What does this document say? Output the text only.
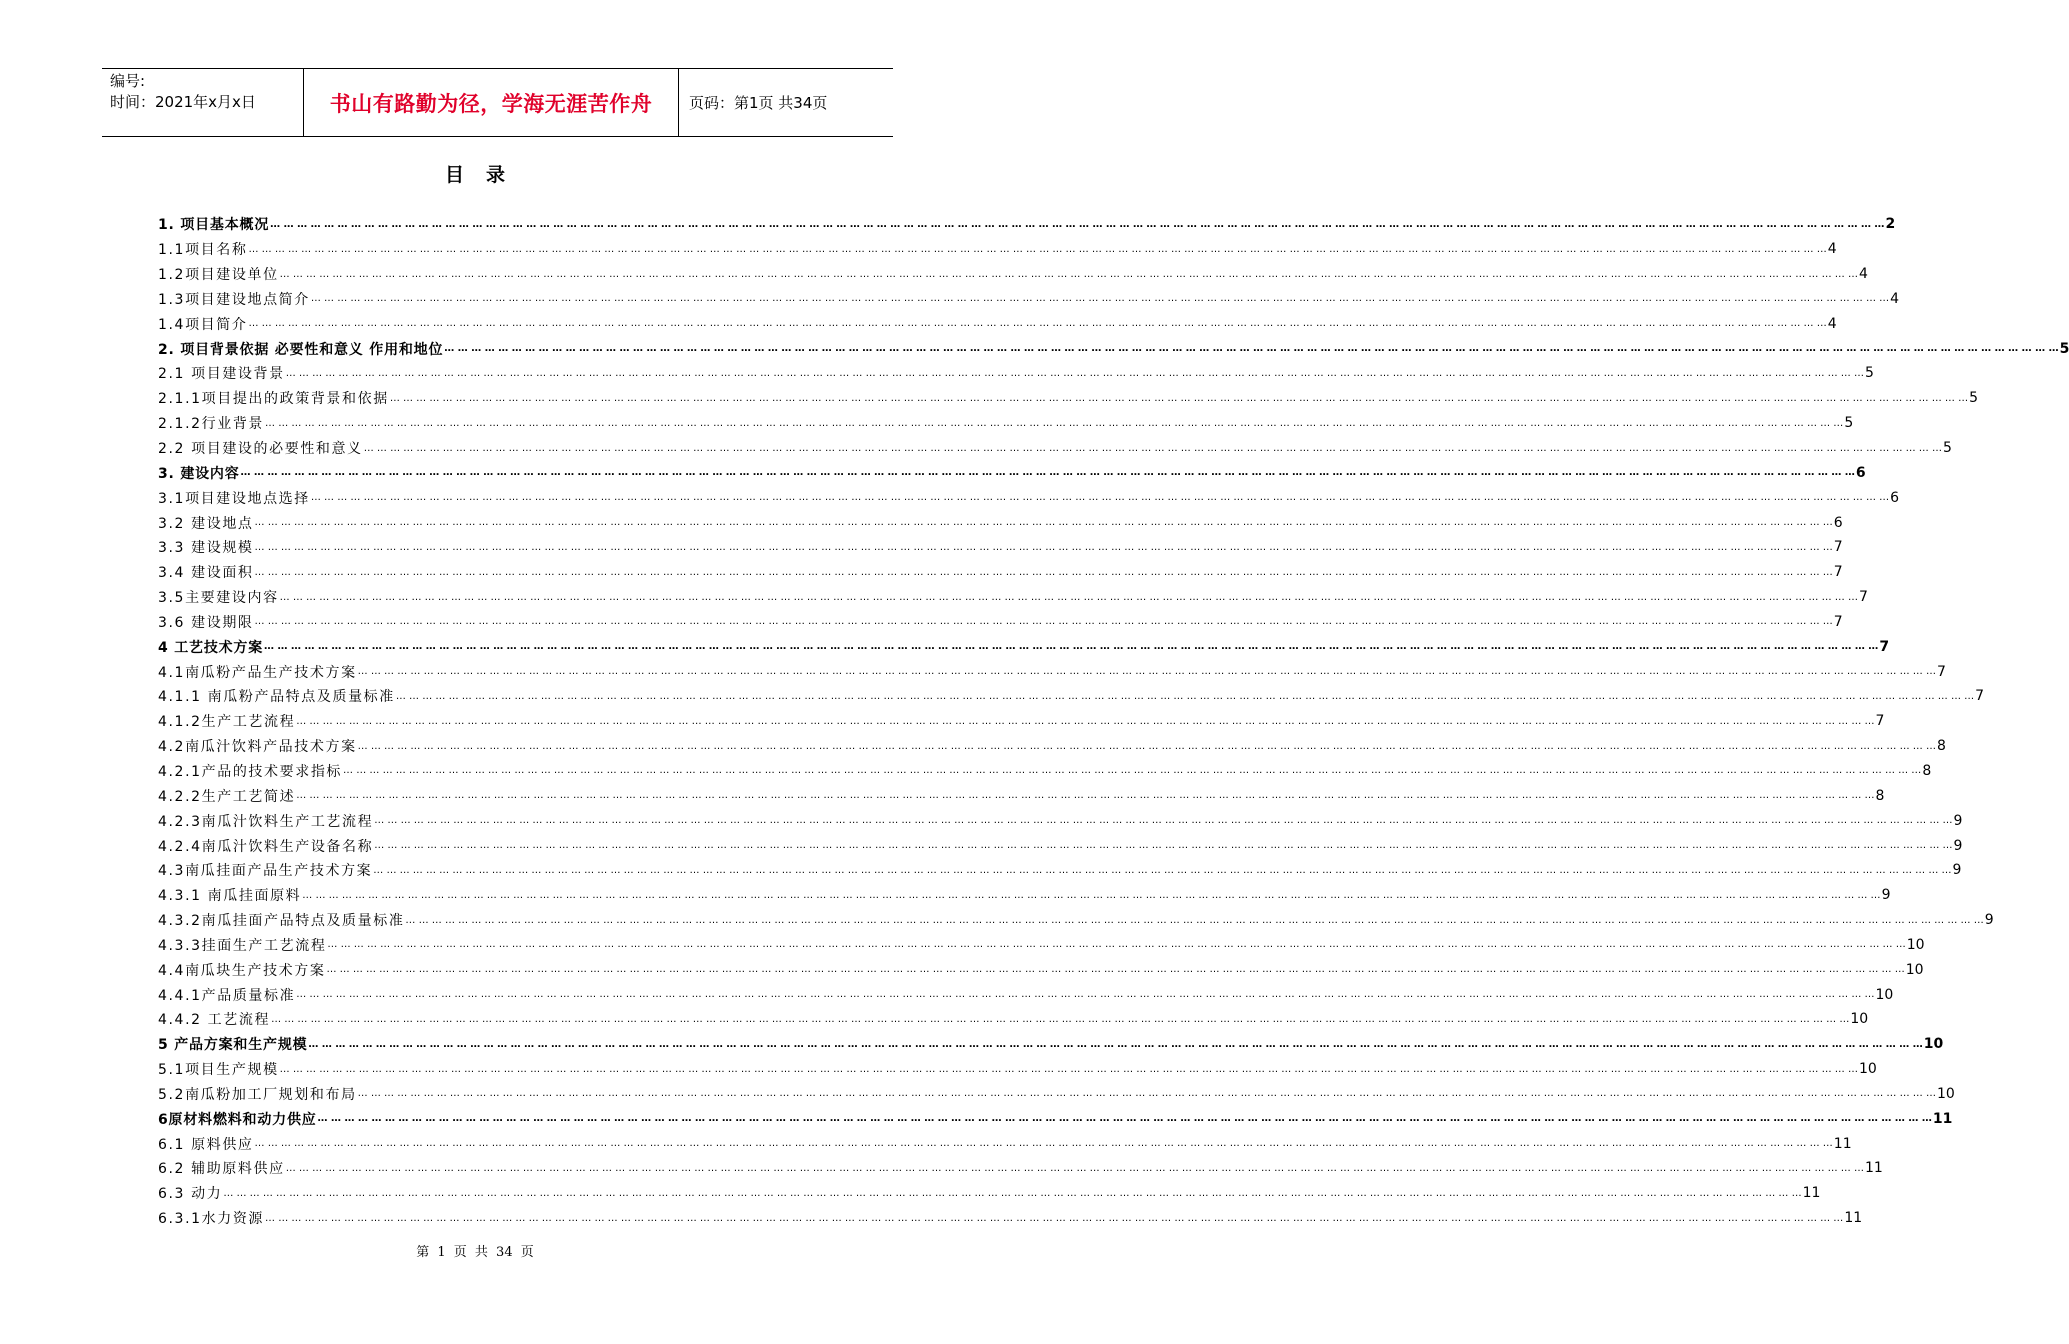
编号:
时间：2021年x月x日	书山有路勤为径，学海无涯苦作舟	页码：第1页 共34页
目录
1. 项目基本概况 … … … … … … … … … … … … … … … … … … … … … … … … … … … … … … … … … … … … … … … … … … … … … … … … … … … … … … … … … … … … … … … … … … … … … … … … … … … … … … … … … … … … … … … … … … … … … … … … … … … … … … … … … … … … … … … … … … … … … … … … 2
1.1项目名称 … … … … … … … … … … … … … … … … … … … … … … … … … … … … … … … … … … … … … … … … … … … … … … … … … … … … … … … … … … … … … … … … … … … … … … … … … … … … … … … … … … … … … … … … … … … … … … … … … … … … … … … … … … … … … … … … … … … … … … … … 4
1.2项目建设单位 … … … … … … … … … … … … … … … … … … … … … … … … … … … … … … … … … … … … … … … … … … … … … … … … … … … … … … … … … … … … … … … … … … … … … … … … … … … … … … … … … … … … … … … … … … … … … … … … … … … … … … … … … … … … … … … … … … … … … … … … 4
1.3项目建设地点简介 … … … … … … … … … … … … … … … … … … … … … … … … … … … … … … … … … … … … … … … … … … … … … … … … … … … … … … … … … … … … … … … … … … … … … … … … … … … … … … … … … … … … … … … … … … … … … … … … … … … … … … … … … … … … … … … … … … … … … … … … 4
1.4项目简介 … … … … … … … … … … … … … … … … … … … … … … … … … … … … … … … … … … … … … … … … … … … … … … … … … … … … … … … … … … … … … … … … … … … … … … … … … … … … … … … … … … … … … … … … … … … … … … … … … … … … … … … … … … … … … … … … … … … … … … … … 4
2. 项目背景依据 必要性和意义 作用和地位 … … … … … … … … … … … … … … … … … … … … … … … … … … … … … … … … … … … … … … … … … … … … … … … … … … … … … … … … … … … … … … … … … … … … … … … … … … … … … … … … … … … … … … … … … … … … … … … … … … … … … … … … … … … … … … … … … … … … … … … … 5
2.1 项目建设背景 … … … … … … … … … … … … … … … … … … … … … … … … … … … … … … … … … … … … … … … … … … … … … … … … … … … … … … … … … … … … … … … … … … … … … … … … … … … … … … … … … … … … … … … … … … … … … … … … … … … … … … … … … … … … … … … … … … … … … … … … 5
2.1.1项目提出的政策背景和依据 … … … … … … … … … … … … … … … … … … … … … … … … … … … … … … … … … … … … … … … … … … … … … … … … … … … … … … … … … … … … … … … … … … … … … … … … … … … … … … … … … … … … … … … … … … … … … … … … … … … … … … … … … … … … … … … … … … … … … … … … 5
2.1.2行业背景 … … … … … … … … … … … … … … … … … … … … … … … … … … … … … … … … … … … … … … … … … … … … … … … … … … … … … … … … … … … … … … … … … … … … … … … … … … … … … … … … … … … … … … … … … … … … … … … … … … … … … … … … … … … … … … … … … … … … … … … … 5
2.2 项目建设的必要性和意义 … … … … … … … … … … … … … … … … … … … … … … … … … … … … … … … … … … … … … … … … … … … … … … … … … … … … … … … … … … … … … … … … … … … … … … … … … … … … … … … … … … … … … … … … … … … … … … … … … … … … … … … … … … … … … … … … … … … … … … … … 5
3. 建设内容 … … … … … … … … … … … … … … … … … … … … … … … … … … … … … … … … … … … … … … … … … … … … … … … … … … … … … … … … … … … … … … … … … … … … … … … … … … … … … … … … … … … … … … … … … … … … … … … … … … … … … … … … … … … … … … … … … … … … … … … … 6
3.1项目建设地点选择 … … … … … … … … … … … … … … … … … … … … … … … … … … … … … … … … … … … … … … … … … … … … … … … … … … … … … … … … … … … … … … … … … … … … … … … … … … … … … … … … … … … … … … … … … … … … … … … … … … … … … … … … … … … … … … … … … … … … … … … … 6
3.2 建设地点 … … … … … … … … … … … … … … … … … … … … … … … … … … … … … … … … … … … … … … … … … … … … … … … … … … … … … … … … … … … … … … … … … … … … … … … … … … … … … … … … … … … … … … … … … … … … … … … … … … … … … … … … … … … … … … … … … … … … … … … … 6
3.3 建设规模 … … … … … … … … … … … … … … … … … … … … … … … … … … … … … … … … … … … … … … … … … … … … … … … … … … … … … … … … … … … … … … … … … … … … … … … … … … … … … … … … … … … … … … … … … … … … … … … … … … … … … … … … … … … … … … … … … … … … … … … … 7
3.4 建设面积 … … … … … … … … … … … … … … … … … … … … … … … … … … … … … … … … … … … … … … … … … … … … … … … … … … … … … … … … … … … … … … … … … … … … … … … … … … … … … … … … … … … … … … … … … … … … … … … … … … … … … … … … … … … … … … … … … … … … … … … … 7
3.5主要建设内容 … … … … … … … … … … … … … … … … … … … … … … … … … … … … … … … … … … … … … … … … … … … … … … … … … … … … … … … … … … … … … … … … … … … … … … … … … … … … … … … … … … … … … … … … … … … … … … … … … … … … … … … … … … … … … … … … … … … … … … … … 7
3.6 建设期限 … … … … … … … … … … … … … … … … … … … … … … … … … … … … … … … … … … … … … … … … … … … … … … … … … … … … … … … … … … … … … … … … … … … … … … … … … … … … … … … … … … … … … … … … … … … … … … … … … … … … … … … … … … … … … … … … … … … … … … … … 7
4 工艺技术方案 … … … … … … … … … … … … … … … … … … … … … … … … … … … … … … … … … … … … … … … … … … … … … … … … … … … … … … … … … … … … … … … … … … … … … … … … … … … … … … … … … … … … … … … … … … … … … … … … … … … … … … … … … … … … … … … … … … … … … … … … 7
4.1南瓜粉产品生产技术方案 … … … … … … … … … … … … … … … … … … … … … … … … … … … … … … … … … … … … … … … … … … … … … … … … … … … … … … … … … … … … … … … … … … … … … … … … … … … … … … … … … … … … … … … … … … … … … … … … … … … … … … … … … … … … … … … … … … … … … … … … 7
4.1.1 南瓜粉产品特点及质量标准 … … … … … … … … … … … … … … … … … … … … … … … … … … … … … … … … … … … … … … … … … … … … … … … … … … … … … … … … … … … … … … … … … … … … … … … … … … … … … … … … … … … … … … … … … … … … … … … … … … … … … … … … … … … … … … … … … … … … … … … … 7
4.1.2生产工艺流程 … … … … … … … … … … … … … … … … … … … … … … … … … … … … … … … … … … … … … … … … … … … … … … … … … … … … … … … … … … … … … … … … … … … … … … … … … … … … … … … … … … … … … … … … … … … … … … … … … … … … … … … … … … … … … … … … … … … … … … … … 7
4.2南瓜汁饮料产品技术方案 … … … … … … … … … … … … … … … … … … … … … … … … … … … … … … … … … … … … … … … … … … … … … … … … … … … … … … … … … … … … … … … … … … … … … … … … … … … … … … … … … … … … … … … … … … … … … … … … … … … … … … … … … … … … … … … … … … … … … … … … 8
4.2.1产品的技术要求指标 … … … … … … … … … … … … … … … … … … … … … … … … … … … … … … … … … … … … … … … … … … … … … … … … … … … … … … … … … … … … … … … … … … … … … … … … … … … … … … … … … … … … … … … … … … … … … … … … … … … … … … … … … … … … … … … … … … … … … … … … 8
4.2.2生产工艺简述 … … … … … … … … … … … … … … … … … … … … … … … … … … … … … … … … … … … … … … … … … … … … … … … … … … … … … … … … … … … … … … … … … … … … … … … … … … … … … … … … … … … … … … … … … … … … … … … … … … … … … … … … … … … … … … … … … … … … … … … … 8
4.2.3南瓜汁饮料生产工艺流程 … … … … … … … … … … … … … … … … … … … … … … … … … … … … … … … … … … … … … … … … … … … … … … … … … … … … … … … … … … … … … … … … … … … … … … … … … … … … … … … … … … … … … … … … … … … … … … … … … … … … … … … … … … … … … … … … … … … … … … … … 9
4.2.4南瓜汁饮料生产设备名称 … … … … … … … … … … … … … … … … … … … … … … … … … … … … … … … … … … … … … … … … … … … … … … … … … … … … … … … … … … … … … … … … … … … … … … … … … … … … … … … … … … … … … … … … … … … … … … … … … … … … … … … … … … … … … … … … … … … … … … … … 9
4.3南瓜挂面产品生产技术方案 … … … … … … … … … … … … … … … … … … … … … … … … … … … … … … … … … … … … … … … … … … … … … … … … … … … … … … … … … … … … … … … … … … … … … … … … … … … … … … … … … … … … … … … … … … … … … … … … … … … … … … … … … … … … … … … … … … … … … … … … 9
4.3.1 南瓜挂面原料 … … … … … … … … … … … … … … … … … … … … … … … … … … … … … … … … … … … … … … … … … … … … … … … … … … … … … … … … … … … … … … … … … … … … … … … … … … … … … … … … … … … … … … … … … … … … … … … … … … … … … … … … … … … … … … … … … … … … … … … … 9
4.3.2南瓜挂面产品特点及质量标准 … … … … … … … … … … … … … … … … … … … … … … … … … … … … … … … … … … … … … … … … … … … … … … … … … … … … … … … … … … … … … … … … … … … … … … … … … … … … … … … … … … … … … … … … … … … … … … … … … … … … … … … … … … … … … … … … … … … … … … … … 9
4.3.3挂面生产工艺流程 … … … … … … … … … … … … … … … … … … … … … … … … … … … … … … … … … … … … … … … … … … … … … … … … … … … … … … … … … … … … … … … … … … … … … … … … … … … … … … … … … … … … … … … … … … … … … … … … … … … … … … … … … … … … … … … … … … … … … … … … 10
4.4南瓜块生产技术方案 … … … … … … … … … … … … … … … … … … … … … … … … … … … … … … … … … … … … … … … … … … … … … … … … … … … … … … … … … … … … … … … … … … … … … … … … … … … … … … … … … … … … … … … … … … … … … … … … … … … … … … … … … … … … … … … … … … … … … … … … 10
4.4.1产品质量标准 … … … … … … … … … … … … … … … … … … … … … … … … … … … … … … … … … … … … … … … … … … … … … … … … … … … … … … … … … … … … … … … … … … … … … … … … … … … … … … … … … … … … … … … … … … … … … … … … … … … … … … … … … … … … … … … … … … … … … … … … 10
4.4.2 工艺流程 … … … … … … … … … … … … … … … … … … … … … … … … … … … … … … … … … … … … … … … … … … … … … … … … … … … … … … … … … … … … … … … … … … … … … … … … … … … … … … … … … … … … … … … … … … … … … … … … … … … … … … … … … … … … … … … … … … … … … … … … 10
5 产品方案和生产规模 … … … … … … … … … … … … … … … … … … … … … … … … … … … … … … … … … … … … … … … … … … … … … … … … … … … … … … … … … … … … … … … … … … … … … … … … … … … … … … … … … … … … … … … … … … … … … … … … … … … … … … … … … … … … … … … … … … … … … … … … 10
5.1项目生产规模 … … … … … … … … … … … … … … … … … … … … … … … … … … … … … … … … … … … … … … … … … … … … … … … … … … … … … … … … … … … … … … … … … … … … … … … … … … … … … … … … … … … … … … … … … … … … … … … … … … … … … … … … … … … … … … … … … … … … … … … … 10
5.2南瓜粉加工厂规划和布局 … … … … … … … … … … … … … … … … … … … … … … … … … … … … … … … … … … … … … … … … … … … … … … … … … … … … … … … … … … … … … … … … … … … … … … … … … … … … … … … … … … … … … … … … … … … … … … … … … … … … … … … … … … … … … … … … … … … … … … … … 10
6原材料燃料和动力供应 … … … … … … … … … … … … … … … … … … … … … … … … … … … … … … … … … … … … … … … … … … … … … … … … … … … … … … … … … … … … … … … … … … … … … … … … … … … … … … … … … … … … … … … … … … … … … … … … … … … … … … … … … … … … … … … … … … … … … … … … 11
6.1 原料供应 … … … … … … … … … … … … … … … … … … … … … … … … … … … … … … … … … … … … … … … … … … … … … … … … … … … … … … … … … … … … … … … … … … … … … … … … … … … … … … … … … … … … … … … … … … … … … … … … … … … … … … … … … … … … … … … … … … … … … … … … 11
6.2 辅助原料供应 … … … … … … … … … … … … … … … … … … … … … … … … … … … … … … … … … … … … … … … … … … … … … … … … … … … … … … … … … … … … … … … … … … … … … … … … … … … … … … … … … … … … … … … … … … … … … … … … … … … … … … … … … … … … … … … … … … … … … … … … 11
6.3 动力 … … … … … … … … … … … … … … … … … … … … … … … … … … … … … … … … … … … … … … … … … … … … … … … … … … … … … … … … … … … … … … … … … … … … … … … … … … … … … … … … … … … … … … … … … … … … … … … … … … … … … … … … … … … … … … … … … … … … … … … … 11
6.3.1水力资源 … … … … … … … … … … … … … … … … … … … … … … … … … … … … … … … … … … … … … … … … … … … … … … … … … … … … … … … … … … … … … … … … … … … … … … … … … … … … … … … … … … … … … … … … … … … … … … … … … … … … … … … … … … … … … … … … … … … … … … … … 11
第 1 页 共 34 页
